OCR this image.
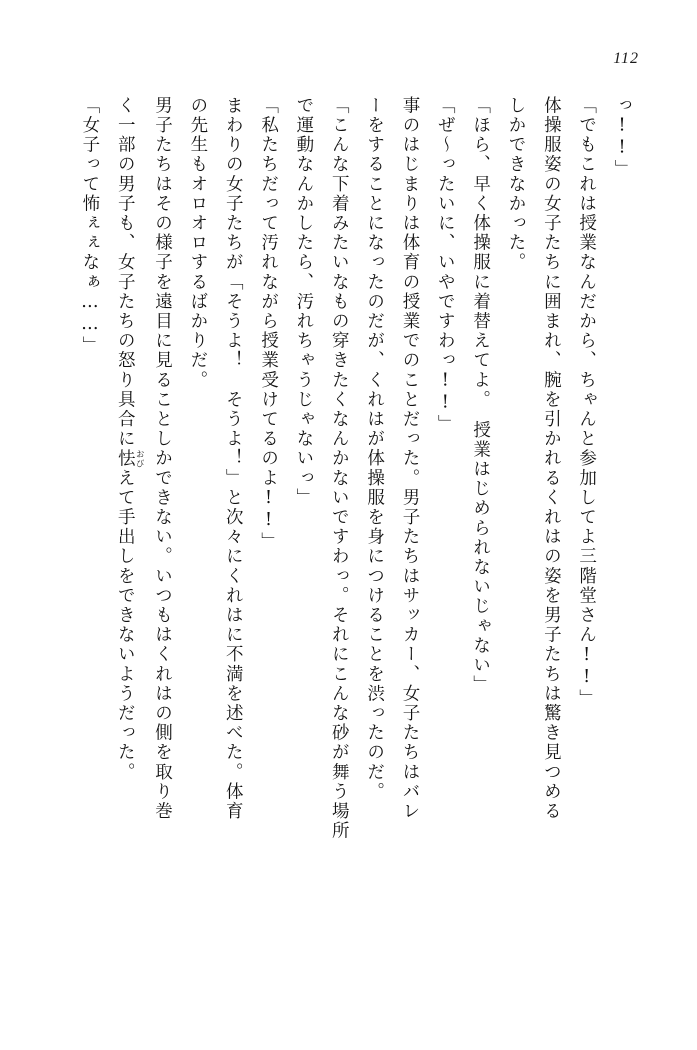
112

っ!!」

「でもこれは授業なんだから、ちゃんと参加してよ三階堂さん!!」

体操服姿の女子たちに囲まれ、腕を引かれるくれはの姿を男子たちは驚き見つめる

しかできなかった。

「ほら、早く体操服に着替えてよ。　授業はじめられないじゃない」

「ぜ～ったいに、いやですわっ!!」

事のはじまりは体育の授業でのことだった。男子たちはサッカー、女子たちはバレ

ーをすることになったのだが、くれはが体操服を身につけることを渋ったのだ。

「こんな下着みたいなもの穿きたくなんかないですわっ。それにこんな砂が舞う場所

で運動なんかしたら、汚れちゃうじゃないっ」

「私たちだって汚れながら授業受けてるのよ!!」

まわりの女子たちが「そうよ！　そうよ！」と次々にくれはに不満を述べた。体育

の先生もオロオロするばかりだ。

男子たちはその様子を遠目に見ることしかできない。いつもはくれはの側を取り巻

く一部の男子も、女子たちの怒り具合に怯 おびえて手出しをできないようだった。

「女子って怖ぇぇなぁ……」
